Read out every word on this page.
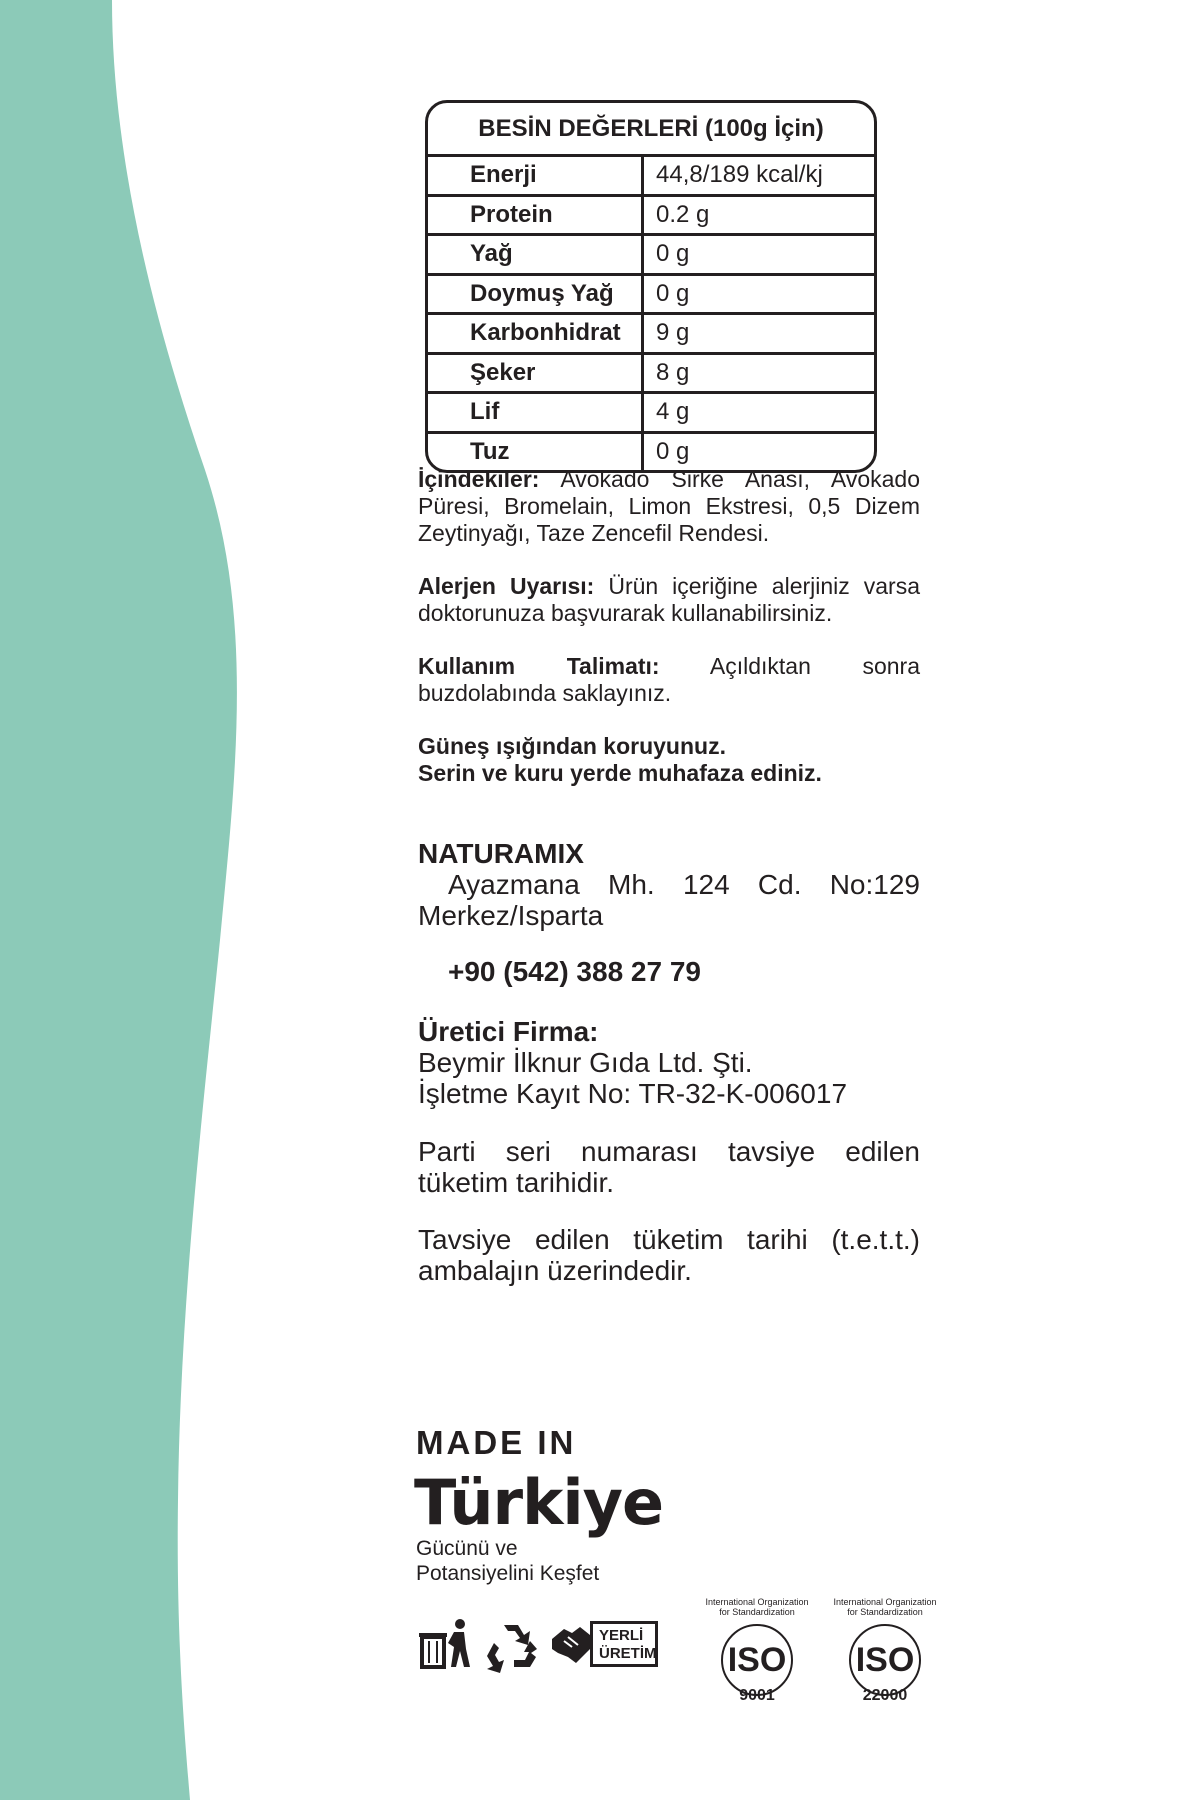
BESİN DEĞERLERİ (100g İçin)
Enerji	44,8/189 kcal/kj
Protein	0.2 g
Yağ	0 g
Doymuş Yağ	0 g
Karbonhidrat	9 g
Şeker	8 g
Lif	4 g
Tuz	0 g
İçindekiler: Avokado Sirke Anası, Avokado Püresi, Bromelain, Limon Ekstresi, 0,5 Dizem Zeytinyağı, Taze Zencefil Rendesi.
Alerjen Uyarısı: Ürün içeriğine alerjiniz varsa doktorunuza başvurarak kullanabilirsiniz.
Kullanım Talimatı: Açıldıktan sonra buzdolabında saklayınız.
Güneş ışığından koruyunuz.
Serin ve kuru yerde muhafaza ediniz.
NATURAMIX
Ayazmana Mh. 124 Cd. No:129 Merkez/Isparta
+90 (542) 388 27 79
Üretici Firma:
Beymir İlknur Gıda Ltd. Şti.
İşletme Kayıt No: TR-32-K-006017
Parti seri numarası tavsiye edilen tüketim tarihidir.
Tavsiye edilen tüketim tarihi (t.e.t.t.) ambalajın üzerindedir.
MADE IN
Türkiye
Gücünü ve
Potansiyelini Keşfet
YERLİ
ÜRETİM ISO
9001
International Organization for Standardization
ISO
22000
International Organization for Standardization
